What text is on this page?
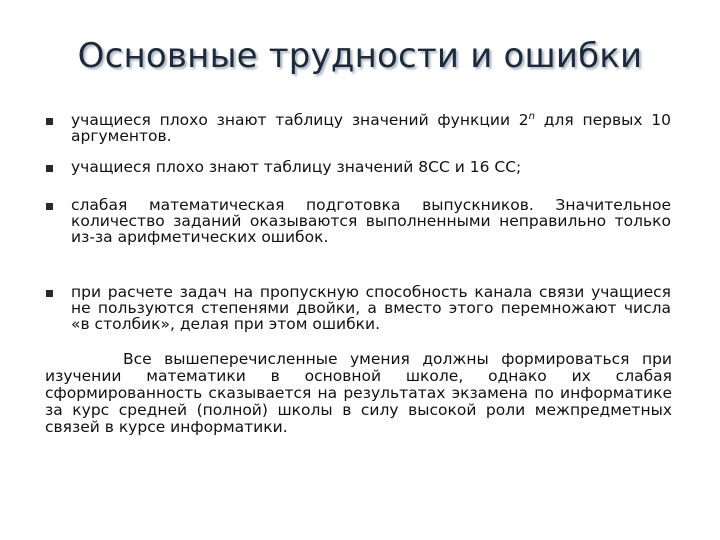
Основные трудности и ошибки
учащиеся плохо знают таблицу значений функции 2$^n$ для первых 10 аргументов.
учащиеся плохо знают таблицу значений 8СС и 16 СС;
слабая математическая подготовка выпускников. Значительное количество заданий оказываются выполненными неправильно только из-за арифметических ошибок.
при расчете задач на пропускную способность канала связи учащиеся не пользуются степенями двойки, а вместо этого перемножают числа «в столбик», делая при этом ошибки.
Все вышеперечисленные умения должны формироваться при изучении математики в основной школе, однако их слабая сформированность сказывается на результатах экзамена по информатике за курс средней (полной) школы в силу высокой роли межпредметных связей в курсе информатики.
